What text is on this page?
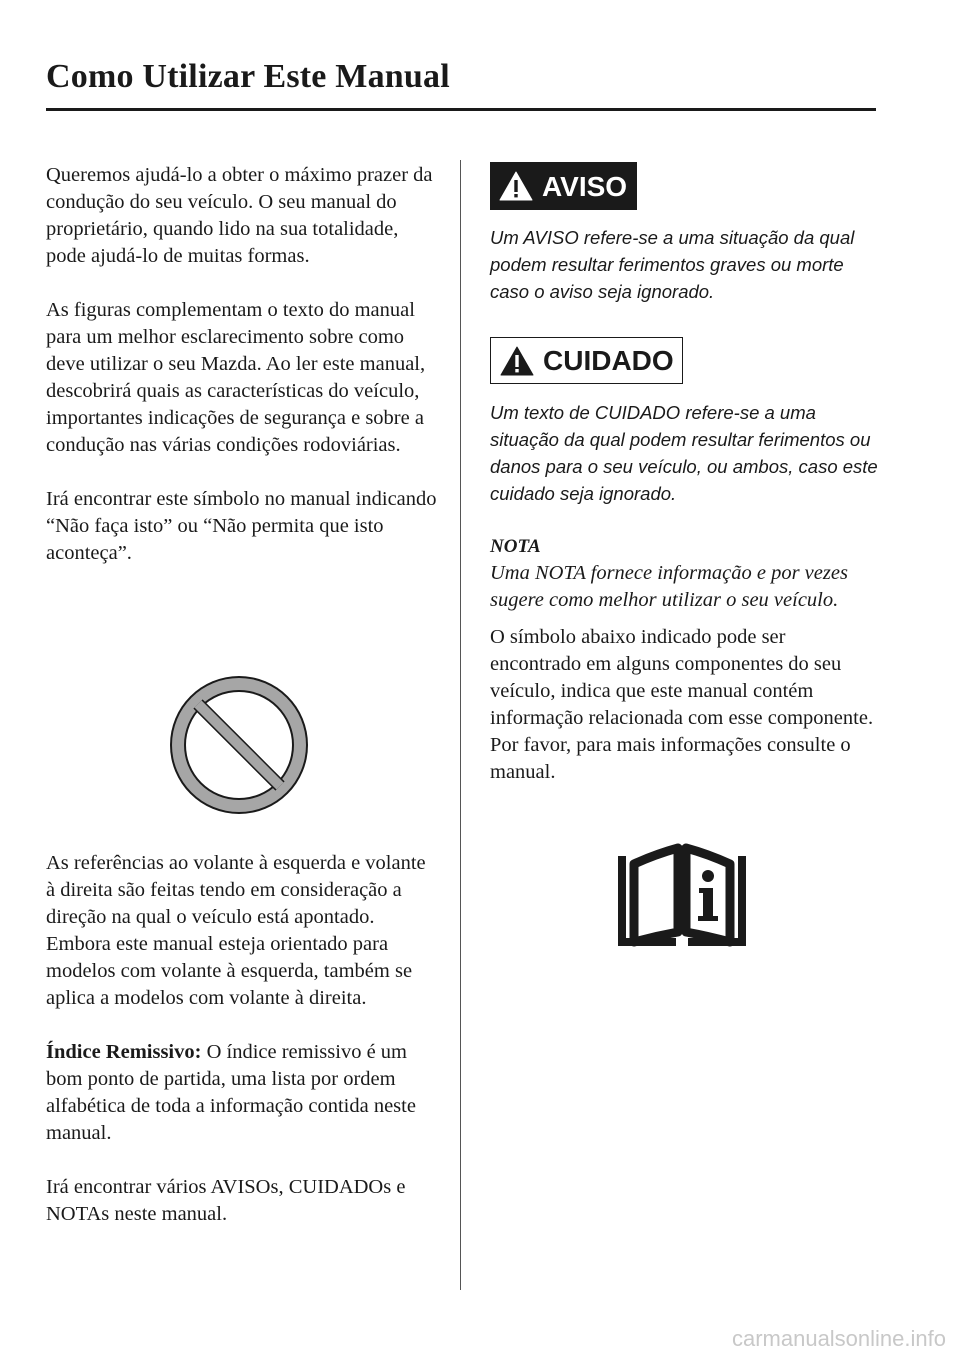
Como Utilizar Este Manual

Queremos ajudá-lo a obter o máximo prazer da condução do seu veículo. O seu manual do proprietário, quando lido na sua totalidade, pode ajudá-lo de muitas formas.

As figuras complementam o texto do manual para um melhor esclarecimento sobre como deve utilizar o seu Mazda. Ao ler este manual, descobrirá quais as características do veículo, importantes indicações de segurança e sobre a condução nas várias condições rodoviárias.

Irá encontrar este símbolo no manual indicando “Não faça isto” ou “Não permita que isto aconteça”.

As referências ao volante à esquerda e volante à direita são feitas tendo em consideração a direção na qual o veículo está apontado. Embora este manual esteja orientado para modelos com volante à esquerda, também se aplica a modelos com volante à direita.

Índice Remissivo: O índice remissivo é um bom ponto de partida, uma lista por ordem alfabética de toda a informação contida neste manual.

Irá encontrar vários AVISOs, CUIDADOs e NOTAs neste manual.

AVISO

Um AVISO refere-se a uma situação da qual podem resultar ferimentos graves ou morte caso o aviso seja ignorado.

CUIDADO

Um texto de CUIDADO refere-se a uma situação da qual podem resultar ferimentos ou danos para o seu veículo, ou ambos, caso este cuidado seja ignorado.

NOTA

Uma NOTA fornece informação e por vezes sugere como melhor utilizar o seu veículo.

O símbolo abaixo indicado pode ser encontrado em alguns componentes do seu veículo, indica que este manual contém informação relacionada com esse componente.

Por favor, para mais informações consulte o manual.

carmanualsonline.info
